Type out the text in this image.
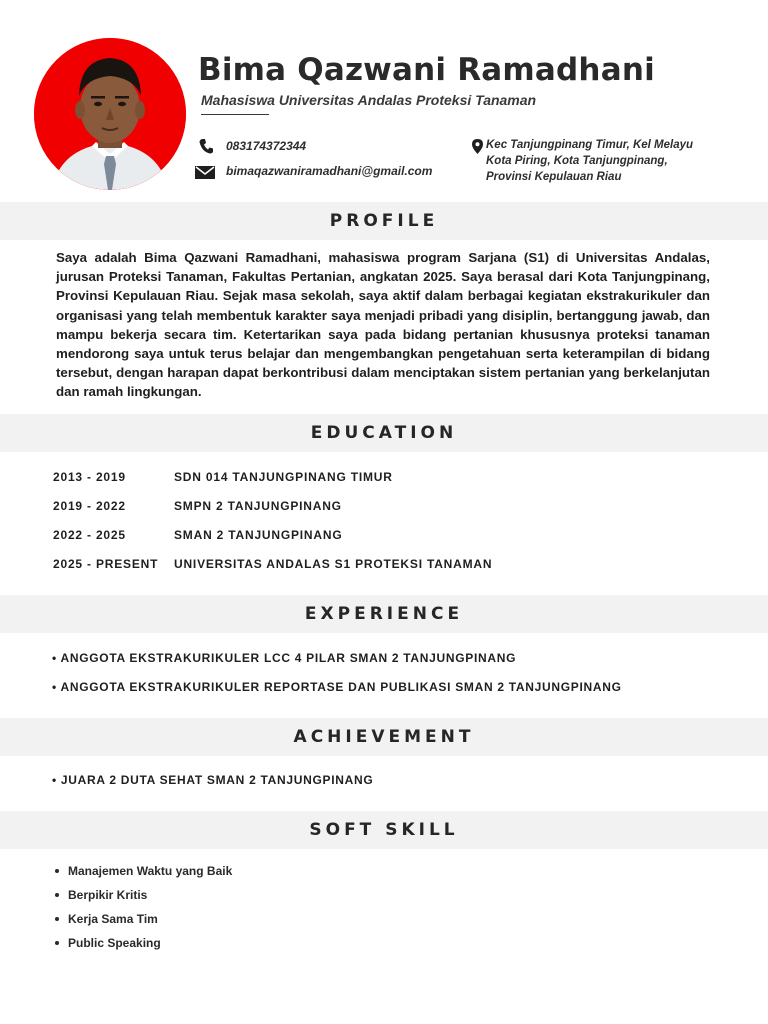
Bima Qazwani Ramadhani
Mahasiswa Universitas Andalas Proteksi Tanaman
083174372344
bimaqazwaniramadhani@gmail.com
Kec Tanjungpinang Timur, Kel Melayu
Kota Piring, Kota Tanjungpinang,
Provinsi Kepulauan Riau
PROFILE
Saya adalah Bima Qazwani Ramadhani, mahasiswa program Sarjana (S1) di Universitas Andalas, jurusan Proteksi Tanaman, Fakultas Pertanian, angkatan 2025. Saya berasal dari Kota Tanjungpinang, Provinsi Kepulauan Riau. Sejak masa sekolah, saya aktif dalam berbagai kegiatan ekstrakurikuler dan organisasi yang telah membentuk karakter saya menjadi pribadi yang disiplin, bertanggung jawab, dan mampu bekerja secara tim. Ketertarikan saya pada bidang pertanian khususnya proteksi tanaman mendorong saya untuk terus belajar dan mengembangkan pengetahuan serta keterampilan di bidang tersebut, dengan harapan dapat berkontribusi dalam menciptakan sistem pertanian yang berkelanjutan dan ramah lingkungan.
EDUCATION
2013 - 2019	SDN 014 TANJUNGPINANG TIMUR
2019 - 2022	SMPN 2 TANJUNGPINANG
2022 - 2025	SMAN 2 TANJUNGPINANG
2025 - PRESENT UNIVERSITAS ANDALAS S1 PROTEKSI TANAMAN
EXPERIENCE
• ANGGOTA EKSTRAKURIKULER LCC 4 PILAR SMAN 2 TANJUNGPINANG
• ANGGOTA EKSTRAKURIKULER REPORTASE DAN PUBLIKASI SMAN 2 TANJUNGPINANG
ACHIEVEMENT
• JUARA 2 DUTA SEHAT SMAN 2 TANJUNGPINANG
SOFT SKILL
Manajemen Waktu yang Baik
Berpikir Kritis
Kerja Sama Tim
Public Speaking
